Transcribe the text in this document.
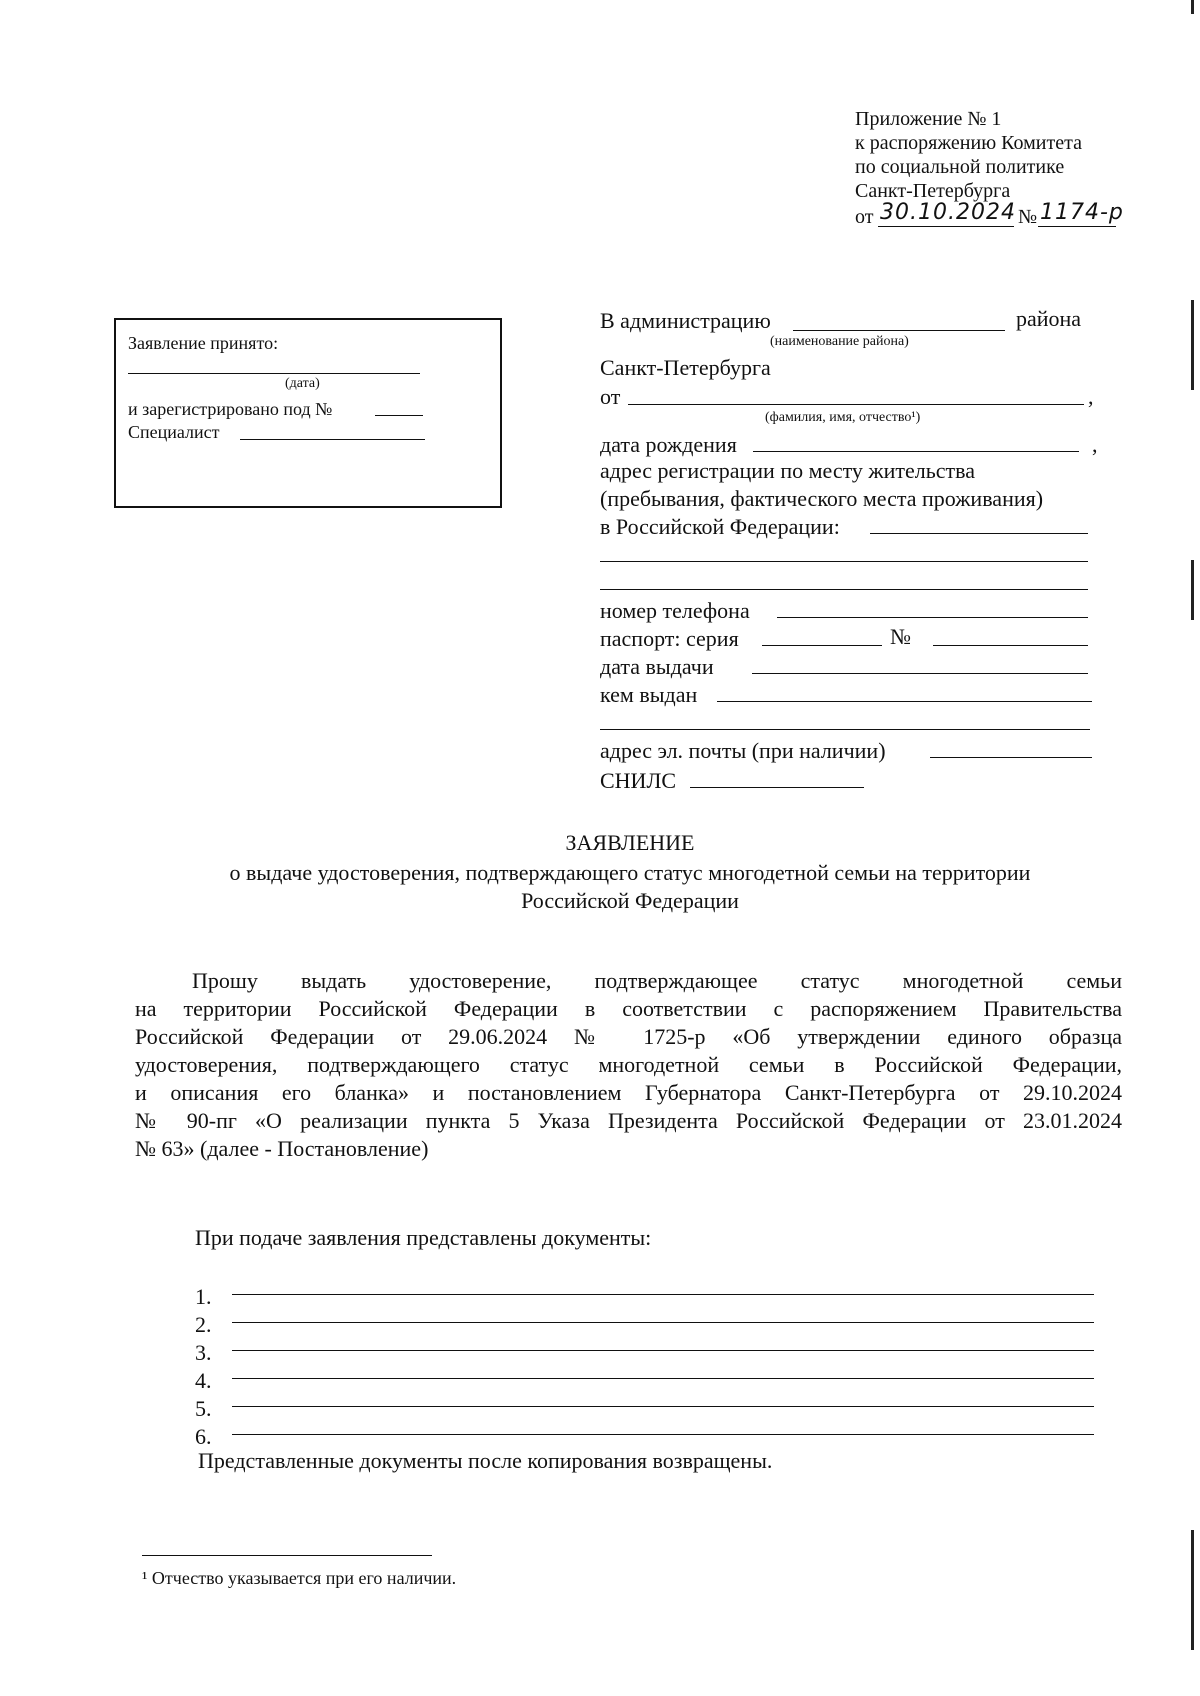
Приложение № 1
к распоряжению Комитета
по социальной политике
Санкт-Петербурга
от 30.10.2024 № 1174-р
Заявление принято:
(дата)
и зарегистрировано под №
Специалист
В администрацию	района
(наименование района)
Санкт-Петербурга
от	,
(фамилия, имя, отчество¹)
дата рождения	,
адрес регистрации по месту жительства
(пребывания, фактического места проживания)
в Российской Федерации:
номер телефона
паспорт: серия	№
дата выдачи
кем выдан
адрес эл. почты (при наличии)
СНИЛС
ЗАЯВЛЕНИЕ
о выдаче удостоверения, подтверждающего статус многодетной семьи на территории
Российской Федерации
Прошу выдать удостоверение, подтверждающее статус многодетной семьи
на территории Российской Федерации в соответствии с распоряжением Правительства
Российской Федерации от 29.06.2024 № 1725-р «Об утверждении единого образца
удостоверения, подтверждающего статус многодетной семьи в Российской Федерации,
и описания его бланка» и постановлением Губернатора Санкт-Петербурга от 29.10.2024
№ 90-пг «О реализации пункта 5 Указа Президента Российской Федерации от 23.01.2024
№ 63» (далее - Постановление)
При подаче заявления представлены документы:
1.
2.
3.
4.
5.
6.
Представленные документы после копирования возвращены.
¹ Отчество указывается при его наличии.
